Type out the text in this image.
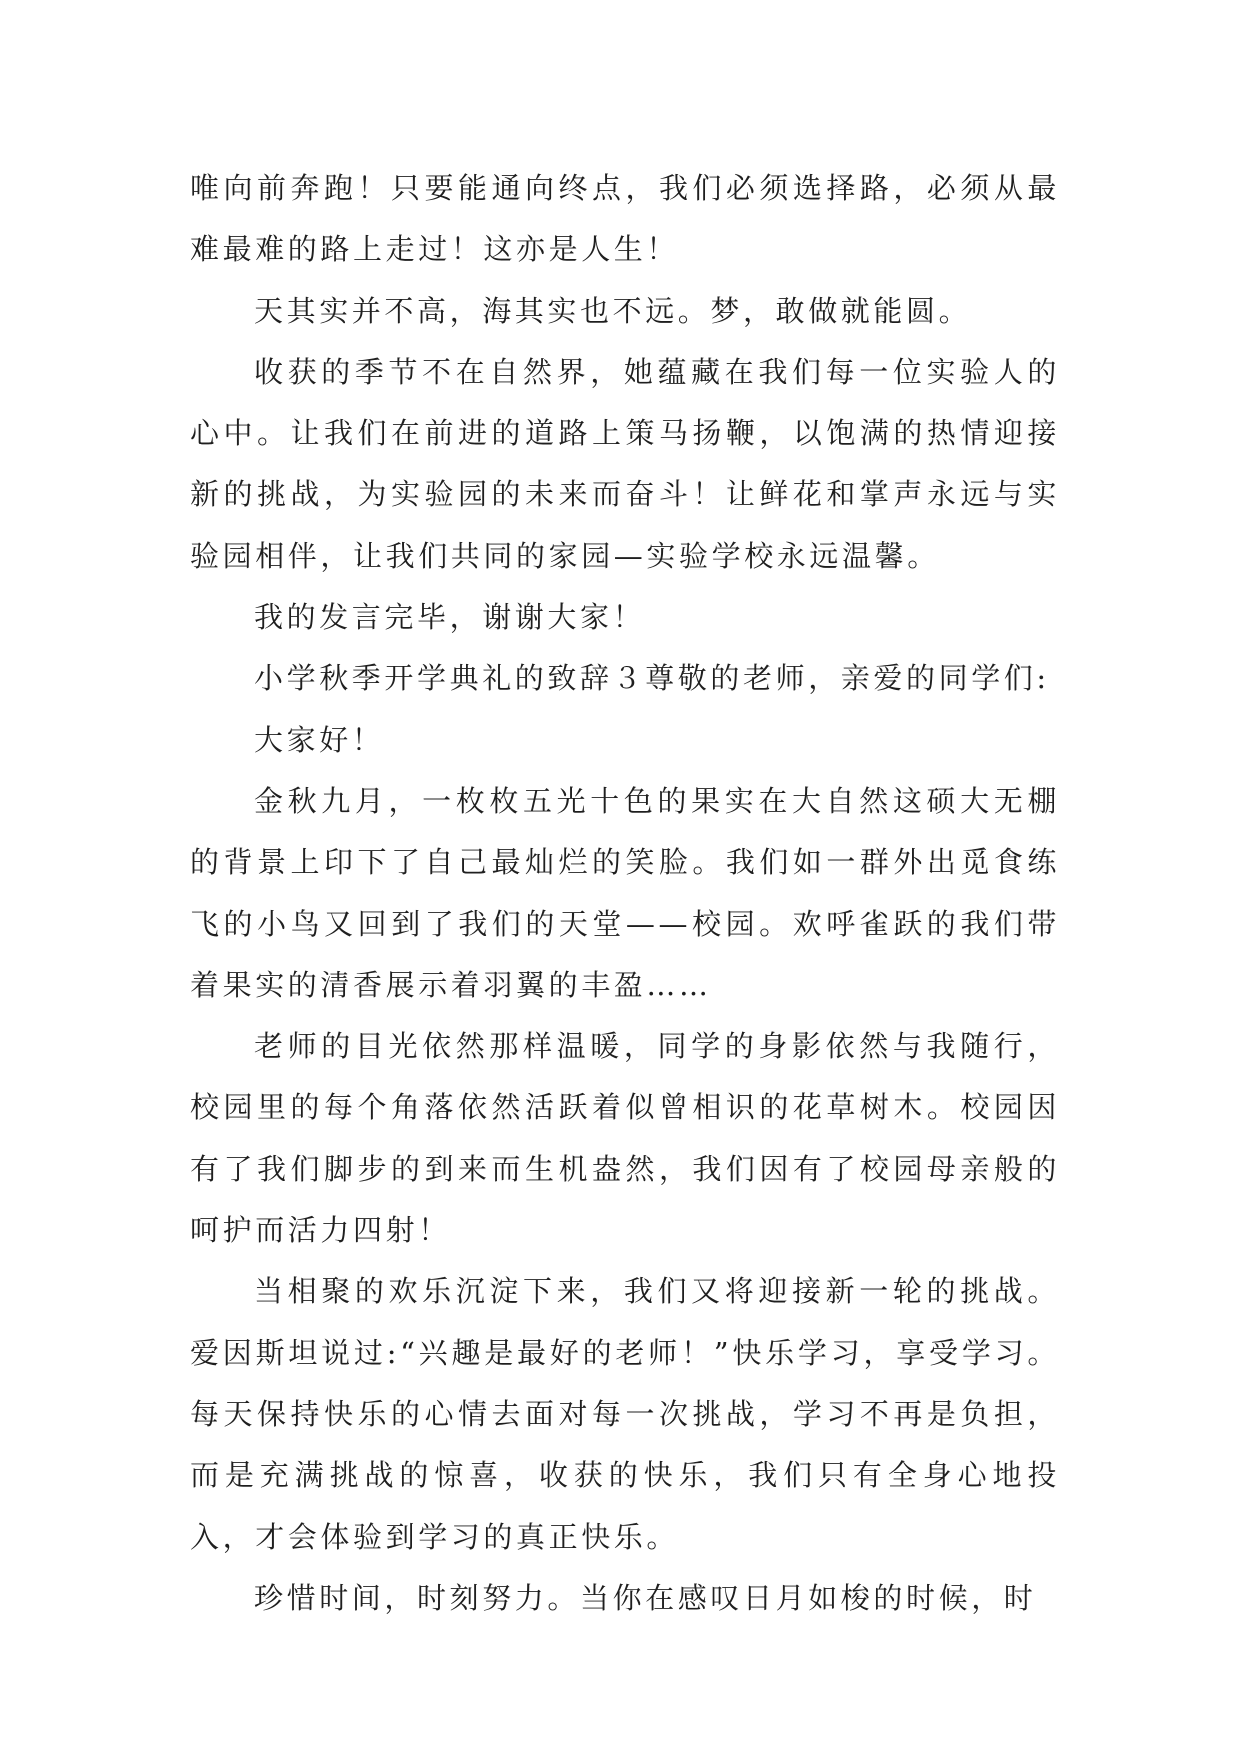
唯向前奔跑！只要能通向终点，我们必须选择路，必须从最难最难的路上走过！这亦是人生！

天其实并不高，海其实也不远。梦，敢做就能圆。

收获的季节不在自然界，她蕴藏在我们每一位实验人的心中。让我们在前进的道路上策马扬鞭，以饱满的热情迎接新的挑战，为实验园的未来而奋斗！让鲜花和掌声永远与实验园相伴，让我们共同的家园—实验学校永远温馨。

我的发言完毕，谢谢大家！

小学秋季开学典礼的致辞３尊敬的老师，亲爱的同学们:

大家好！

金秋九月，一枚枚五光十色的果实在大自然这硕大无棚的背景上印下了自己最灿烂的笑脸。我们如一群外出觅食练飞的小鸟又回到了我们的天堂——校园。欢呼雀跃的我们带着果实的清香展示着羽翼的丰盈……

老师的目光依然那样温暖，同学的身影依然与我随行，校园里的每个角落依然活跃着似曾相识的花草树木。校园因有了我们脚步的到来而生机盎然，我们因有了校园母亲般的呵护而活力四射！

当相聚的欢乐沉淀下来，我们又将迎接新一轮的挑战。爱因斯坦说过:“兴趣是最好的老师！”快乐学习，享受学习。每天保持快乐的心情去面对每一次挑战，学习不再是负担，而是充满挑战的惊喜，收获的快乐，我们只有全身心地投入，才会体验到学习的真正快乐。

珍惜时间，时刻努力。当你在感叹日月如梭的时候，时
